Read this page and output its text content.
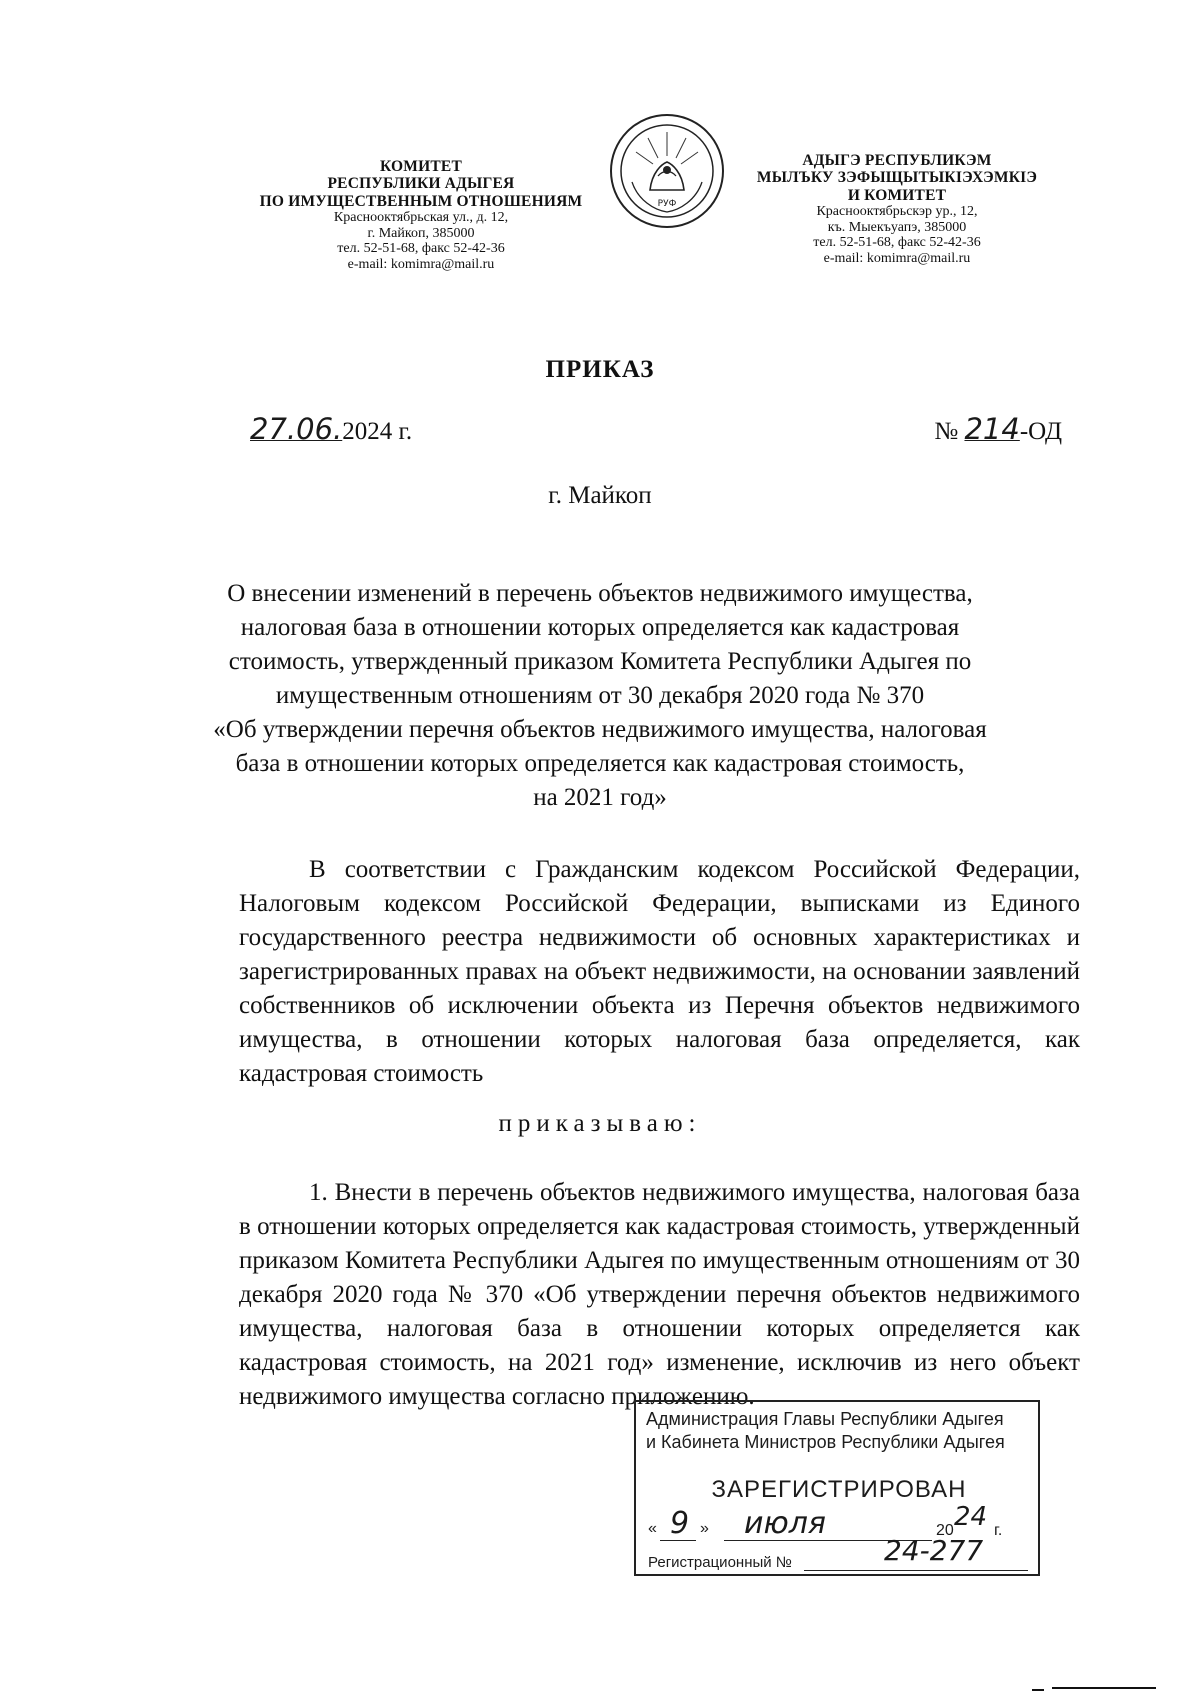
КОМИТЕТ
РЕСПУБЛИКИ АДЫГЕЯ
ПО ИМУЩЕСТВЕННЫМ ОТНОШЕНИЯМ
Краснооктябрьская ул., д. 12,
г. Майкоп, 385000
тел. 52-51-68, факс 52-42-36
e-mail: komimra@mail.ru
РУФ
АДЫГЭ РЕСПУБЛИКЭМ
МЫЛЪКУ ЗЭФЫЩЫТЫКIЭХЭМКIЭ
И КОМИТЕТ
Краснооктябрьскэр ур., 12,
къ. Мыекъуапэ, 385000
тел. 52-51-68, факс 52-42-36
e-mail: komimra@mail.ru
ПРИКАЗ
27.06.2024 г.	№ 214-ОД
г. Майкоп
О внесении изменений в перечень объектов недвижимого имущества,
налоговая база в отношении которых определяется как кадастровая
стоимость, утвержденный приказом Комитета Республики Адыгея по
имущественным отношениям от 30 декабря 2020 года № 370
«Об утверждении перечня объектов недвижимого имущества, налоговая
база в отношении которых определяется как кадастровая стоимость,
на 2021 год»

В соответствии с Гражданским кодексом Российской Федерации, Налоговым кодексом Российской Федерации, выписками из Единого государственного реестра недвижимости об основных характеристиках и зарегистрированных правах на объект недвижимости, на основании заявлений собственников об исключении объекта из Перечня объектов недвижимого имущества, в отношении которых налоговая база определяется, как кадастровая стоимость

приказываю:

1. Внести в перечень объектов недвижимого имущества, налоговая база в отношении которых определяется как кадастровая стоимость, утвержденный приказом Комитета Республики Адыгея по имущественным отношениям от 30 декабря 2020 года № 370 «Об утверждении перечня объектов недвижимого имущества, налоговая база в отношении которых определяется как кадастровая стоимость, на 2021 год» изменение, исключив из него объект недвижимого имущества согласно приложению.

Администрация Главы Республики Адыгея
и Кабинета Министров Республики Адыгея
ЗАРЕГИСТРИРОВАН
« 9 » июля	20 24 г.
Регистрационный №	24-277
